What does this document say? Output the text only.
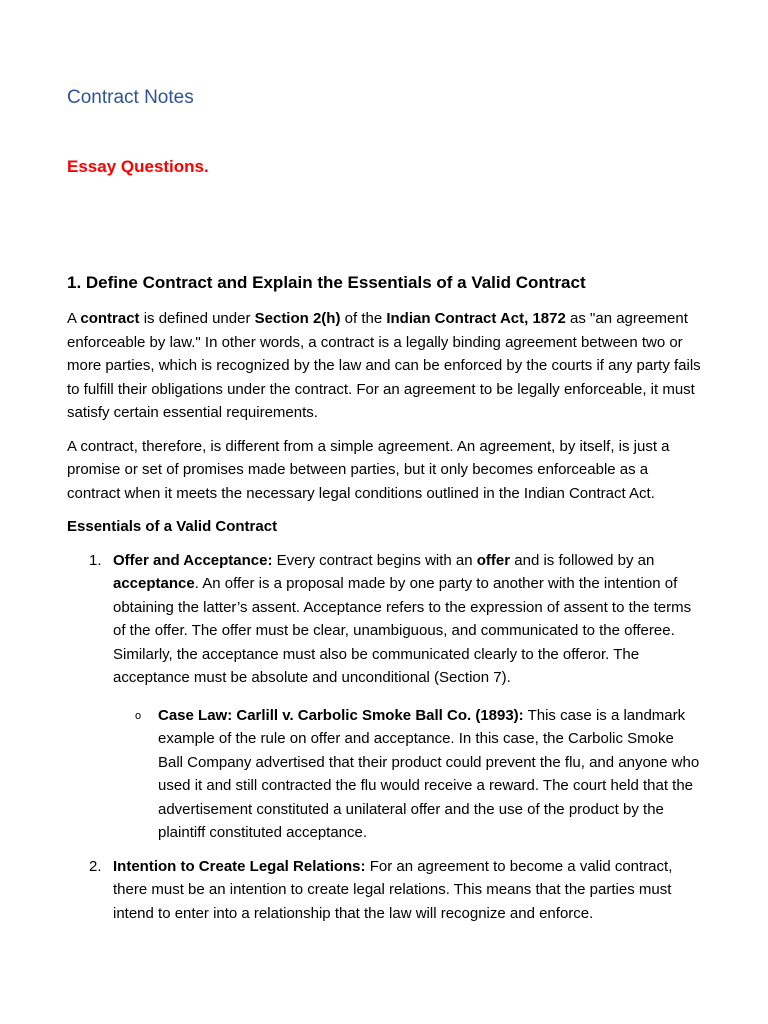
Contract Notes
Essay Questions.
1. Define Contract and Explain the Essentials of a Valid Contract

A contract is defined under Section 2(h) of the Indian Contract Act, 1872 as "an agreement enforceable by law." In other words, a contract is a legally binding agreement between two or more parties, which is recognized by the law and can be enforced by the courts if any party fails to fulfill their obligations under the contract. For an agreement to be legally enforceable, it must satisfy certain essential requirements.

A contract, therefore, is different from a simple agreement. An agreement, by itself, is just a promise or set of promises made between parties, but it only becomes enforceable as a contract when it meets the necessary legal conditions outlined in the Indian Contract Act.

Essentials of a Valid Contract
1. Offer and Acceptance: Every contract begins with an offer and is followed by an acceptance. An offer is a proposal made by one party to another with the intention of obtaining the latter’s assent. Acceptance refers to the expression of assent to the terms of the offer. The offer must be clear, unambiguous, and communicated to the offeree. Similarly, the acceptance must also be communicated clearly to the offeror. The acceptance must be absolute and unconditional (Section 7).
o Case Law: Carlill v. Carbolic Smoke Ball Co. (1893): This case is a landmark example of the rule on offer and acceptance. In this case, the Carbolic Smoke Ball Company advertised that their product could prevent the flu, and anyone who used it and still contracted the flu would receive a reward. The court held that the advertisement constituted a unilateral offer and the use of the product by the plaintiff constituted acceptance.
2. Intention to Create Legal Relations: For an agreement to become a valid contract, there must be an intention to create legal relations. This means that the parties must intend to enter into a relationship that the law will recognize and enforce.
